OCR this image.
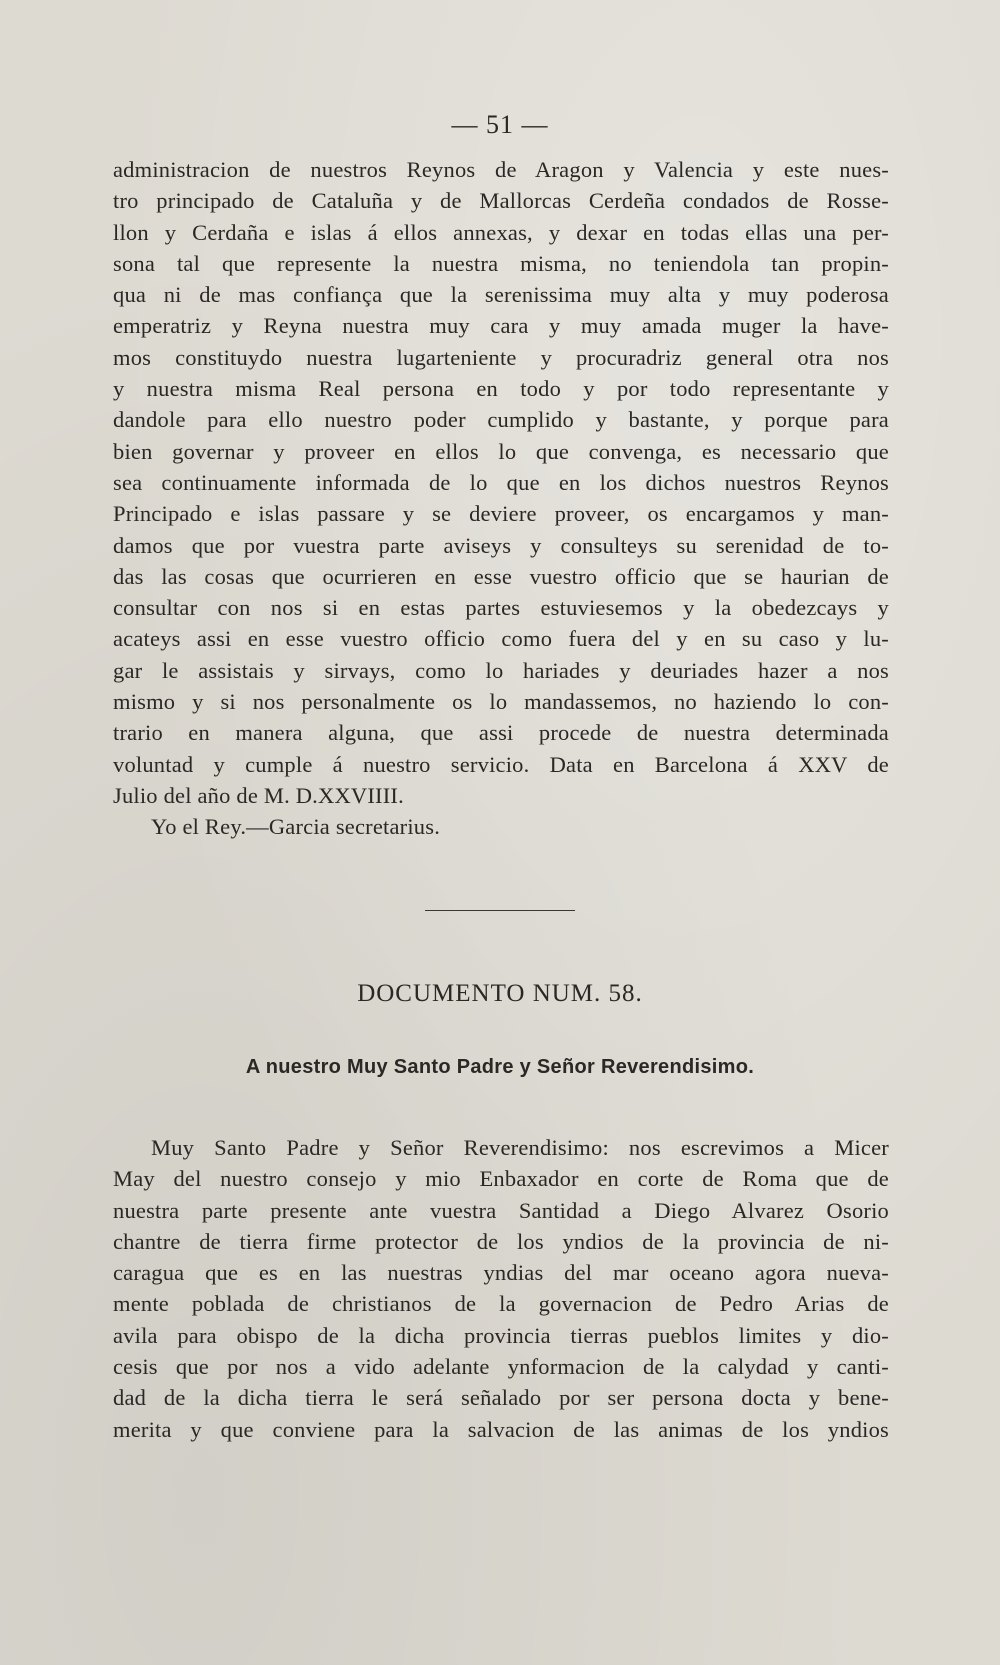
— 51 —
administracion de nuestros Reynos de Aragon y Valencia y este nues-
tro principado de Cataluña y de Mallorcas Cerdeña condados de Rosse-
llon y Cerdaña e islas á ellos annexas, y dexar en todas ellas una per-
sona tal que represente la nuestra misma, no teniendola tan propin-
qua ni de mas confiança que la serenissima muy alta y muy poderosa
emperatriz y Reyna nuestra muy cara y muy amada muger la have-
mos constituydo nuestra lugarteniente y procuradriz general otra nos
y nuestra misma Real persona en todo y por todo representante y
dandole para ello nuestro poder cumplido y bastante, y porque para
bien governar y proveer en ellos lo que convenga, es necessario que
sea continuamente informada de lo que en los dichos nuestros Reynos
Principado e islas passare y se deviere proveer, os encargamos y man-
damos que por vuestra parte aviseys y consulteys su serenidad de to-
das las cosas que ocurrieren en esse vuestro officio que se haurian de
consultar con nos si en estas partes estuviesemos y la obedezcays y
acateys assi en esse vuestro officio como fuera del y en su caso y lu-
gar le assistais y sirvays, como lo hariades y deuriades hazer a nos
mismo y si nos personalmente os lo mandassemos, no haziendo lo con-
trario en manera alguna, que assi procede de nuestra determinada
voluntad y cumple á nuestro servicio. Data en Barcelona á XXV de
Julio del año de M. D.XXVIIII.
Yo el Rey.—Garcia secretarius.
DOCUMENTO NUM. 58.
A nuestro Muy Santo Padre y Señor Reverendisimo.
Muy Santo Padre y Señor Reverendisimo: nos escrevimos a Micer
May del nuestro consejo y mio Enbaxador en corte de Roma que de
nuestra parte presente ante vuestra Santidad a Diego Alvarez Osorio
chantre de tierra firme protector de los yndios de la provincia de ni-
caragua que es en las nuestras yndias del mar oceano agora nueva-
mente poblada de christianos de la governacion de Pedro Arias de
avila para obispo de la dicha provincia tierras pueblos limites y dio-
cesis que por nos a vido adelante ynformacion de la calydad y canti-
dad de la dicha tierra le será señalado por ser persona docta y bene-
merita y que conviene para la salvacion de las animas de los yndios
